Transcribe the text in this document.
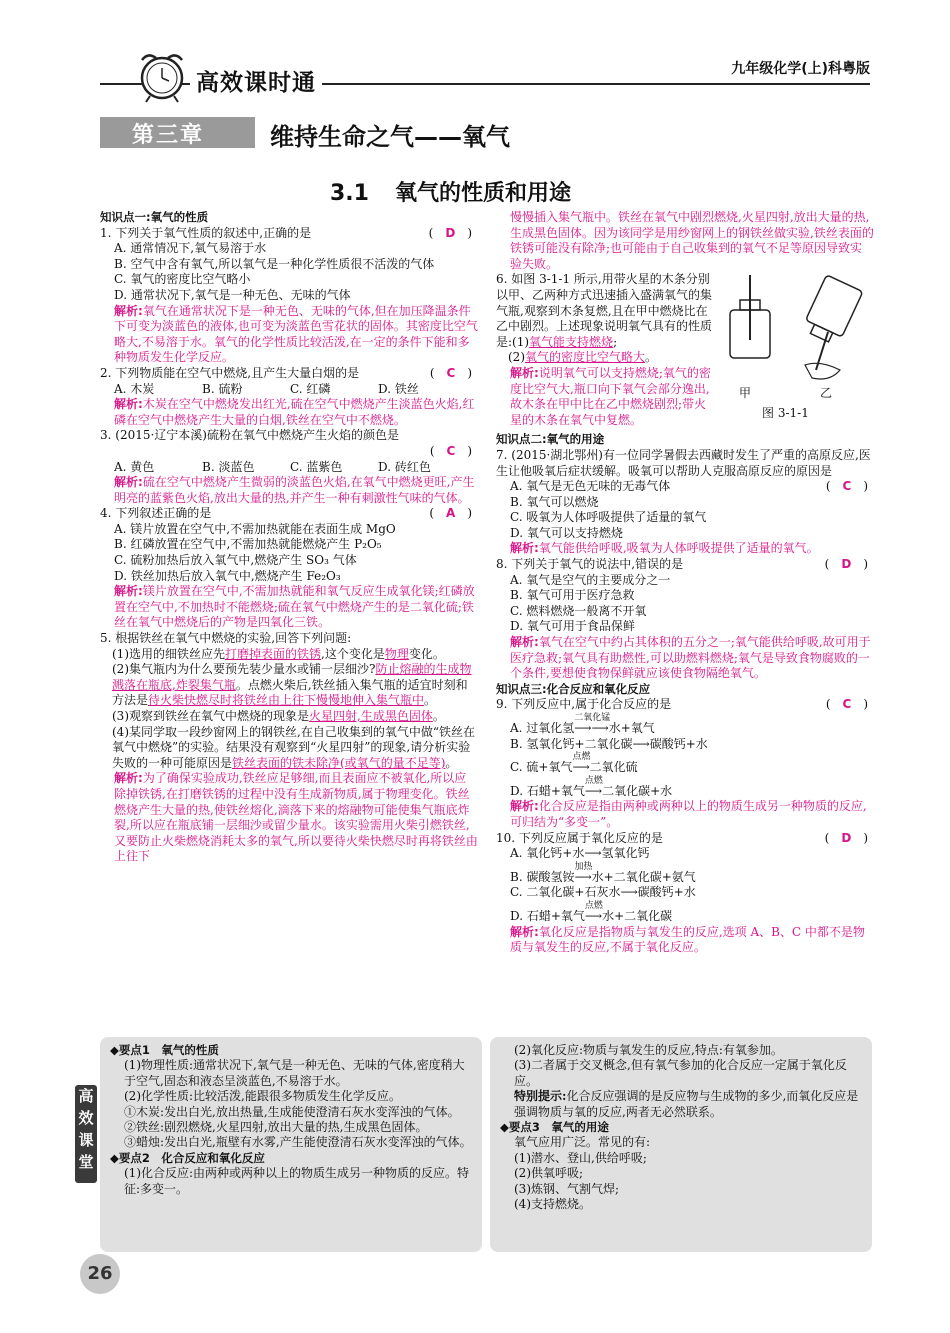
高效课时通
九年级化学(上)科粤版
第三章	维持生命之气——氧气
3.1 氧气的性质和用途

知识点一:氧气的性质

1. 下列关于氧气性质的叙述中,正确的是	(　D　)

A. 通常情况下,氧气易溶于水

B. 空气中含有氧气,所以氧气是一种化学性质很不活泼的气体

C. 氧气的密度比空气略小

D. 通常状况下,氧气是一种无色、无味的气体

解析:氧气在通常状况下是一种无色、无味的气体,但在加压降温条件下可变为淡蓝色的液体,也可变为淡蓝色雪花状的固体。其密度比空气略大,不易溶于水。氧气的化学性质比较活泼,在一定的条件下能和多种物质发生化学反应。

2. 下列物质能在空气中燃烧,且产生大量白烟的是	(　C　)

A. 木炭	B. 硫粉	C. 红磷	D. 铁丝

解析:木炭在空气中燃烧发出红光,硫在空气中燃烧产生淡蓝色火焰,红磷在空气中燃烧产生大量的白烟,铁丝在空气中不燃烧。

3. (2015·辽宁本溪)硫粉在氧气中燃烧产生火焰的颜色是

(　C　)

A. 黄色	B. 淡蓝色	C. 蓝紫色	D. 砖红色

解析:硫在空气中燃烧产生微弱的淡蓝色火焰,在氧气中燃烧更旺,产生明亮的蓝紫色火焰,放出大量的热,并产生一种有刺激性气味的气体。

4. 下列叙述正确的是	(　A　)

A. 镁片放置在空气中,不需加热就能在表面生成 MgO

B. 红磷放置在空气中,不需加热就能燃烧产生 P₂O₅

C. 硫粉加热后放入氧气中,燃烧产生 SO₃ 气体

D. 铁丝加热后放入氧气中,燃烧产生 Fe₂O₃

解析:镁片放置在空气中,不需加热就能和氧气反应生成氧化镁;红磷放置在空气中,不加热时不能燃烧;硫在氧气中燃烧产生的是二氧化硫;铁丝在氧气中燃烧后的产物是四氧化三铁。

5. 根据铁丝在氧气中燃烧的实验,回答下列问题:

(1)选用的细铁丝应先打磨掉表面的铁锈,这个变化是物理变化。

(2)集气瓶内为什么要预先装少量水或铺一层细沙?防止熔融的生成物溅落在瓶底,炸裂集气瓶。点燃火柴后,铁丝插入集气瓶的适宜时刻和方法是待火柴快燃尽时将铁丝由上往下慢慢地伸入集气瓶中。

(3)观察到铁丝在氧气中燃烧的现象是火星四射,生成黑色固体。

(4)某同学取一段纱窗网上的钢铁丝,在自己收集到的氧气中做“铁丝在氧气中燃烧”的实验。结果没有观察到“火星四射”的现象,请分析实验失败的一种可能原因是铁丝表面的铁未除净(或氧气的量不足等)。

解析:为了确保实验成功,铁丝应足够细,而且表面应不被氧化,所以应除掉铁锈,在打磨铁锈的过程中没有生成新物质,属于物理变化。铁丝燃烧产生大量的热,使铁丝熔化,滴落下来的熔融物可能使集气瓶底炸裂,所以应在瓶底铺一层细沙或留少量水。该实验需用火柴引燃铁丝,又要防止火柴燃烧消耗太多的氧气,所以要待火柴快燃尽时再将铁丝由上往下

慢慢插入集气瓶中。铁丝在氧气中剧烈燃烧,火星四射,放出大量的热,生成黑色固体。因为该同学是用纱窗网上的钢铁丝做实验,铁丝表面的铁锈可能没有除净;也可能由于自己收集到的氧气不足等原因导致实验失败。

6. 如图 3-1-1 所示,用带火星的木条分别以甲、乙两种方式迅速插入盛满氧气的集气瓶,观察到木条复燃,且在甲中燃烧比在乙中剧烈。上述现象说明氧气具有的性质是:(1)氧气能支持燃烧;

(2)氧气的密度比空气略大。

解析:说明氧气可以支持燃烧;氧气的密度比空气大,瓶口向下氧气会部分逸出,故木条在甲中比在乙中燃烧剧烈;带火星的木条在氧气中复燃。

知识点二:氧气的用途

7. (2015·湖北鄂州)有一位同学暑假去西藏时发生了严重的高原反应,医生让他吸氧后症状缓解。吸氧可以帮助人克服高原反应的原因是
(　C　)

A. 氧气是无色无味的无毒气体

B. 氧气可以燃烧

C. 吸氧为人体呼吸提供了适量的氧气

D. 氧气可以支持燃烧

解析:氧气能供给呼吸,吸氧为人体呼吸提供了适量的氧气。

8. 下列关于氧气的说法中,错误的是	(　D　)

A. 氧气是空气的主要成分之一

B. 氧气可用于医疗急救

C. 燃料燃烧一般离不开氧

D. 氧气可用于食品保鲜

解析:氧气在空气中约占其体积的五分之一;氧气能供给呼吸,故可用于医疗急救;氧气具有助燃性,可以助燃料燃烧;氧气是导致食物腐败的一个条件,要想使食物保鲜就应该使食物隔绝氧气。

知识点三:化合反应和氧化反应

9. 下列反应中,属于化合反应的是	(　C　)

A. 过氧化氢⟶⟶
二氧化锰
水+氧气

B. 氢氧化钙+二氧化碳⟶碳酸钙+水

C. 硫+氧气⟶
点燃
二氧化硫

D. 石蜡+氧气⟶
点燃
二氧化碳+水

解析:化合反应是指由两种或两种以上的物质生成另一种物质的反应,可归结为“多变一”。

10. 下列反应属于氧化反应的是	(　D　)

A. 氧化钙+水⟶氢氧化钙

B. 碳酸氢铵⟶
加热
水+二氧化碳+氨气

C. 二氧化碳+石灰水⟶碳酸钙+水

D. 石蜡+氧气⟶
点燃
水+二氧化碳

解析:氧化反应是指物质与氧发生的反应,选项 A、B、C 中都不是物质与氧发生的反应,不属于氧化反应。

甲	乙
图 3-1-1
高效课堂

◆要点1　氧气的性质

(1)物理性质:通常状况下,氧气是一种无色、无味的气体,密度稍大于空气,固态和液态呈淡蓝色,不易溶于水。

(2)化学性质:比较活泼,能跟很多物质发生化学反应。

①木炭:发出白光,放出热量,生成能使澄清石灰水变浑浊的气体。

②铁丝:剧烈燃烧,火星四射,放出大量的热,生成黑色固体。

③蜡烛:发出白光,瓶壁有水雾,产生能使澄清石灰水变浑浊的气体。

◆要点2　化合反应和氧化反应

(1)化合反应:由两种或两种以上的物质生成另一种物质的反应。特征:多变一。

(2)氧化反应:物质与氧发生的反应,特点:有氧参加。

(3)二者属于交叉概念,但有氧气参加的化合反应一定属于氧化反应。

特别提示:化合反应强调的是反应物与生成物的多少,而氧化反应是强调物质与氧的反应,两者无必然联系。

◆要点3　氧气的用途

氧气应用广泛。常见的有:

(1)潜水、登山,供给呼吸;

(2)供氧呼吸;

(3)炼钢、气割气焊;

(4)支持燃烧。

26
